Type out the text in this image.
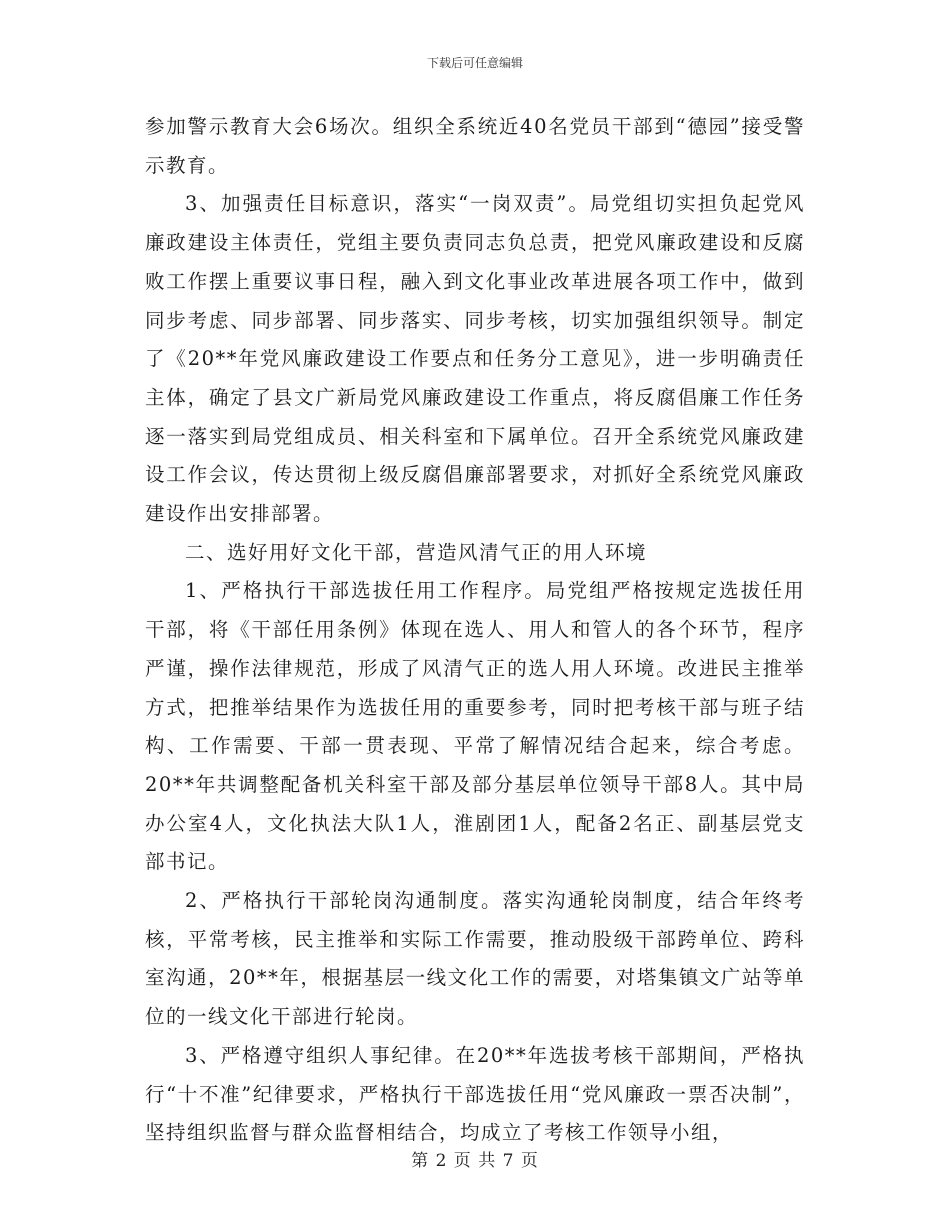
下载后可任意编辑

参加警示教育大会6场次。组织全系统近40名党员干部到“德园”接受警示教育。

3、加强责任目标意识，落实“一岗双责”。局党组切实担负起党风廉政建设主体责任，党组主要负责同志负总责，把党风廉政建设和反腐败工作摆上重要议事日程，融入到文化事业改革进展各项工作中，做到同步考虑、同步部署、同步落实、同步考核，切实加强组织领导。制定了《20**年党风廉政建设工作要点和任务分工意见》，进一步明确责任主体，确定了县文广新局党风廉政建设工作重点，将反腐倡廉工作任务逐一落实到局党组成员、相关科室和下属单位。召开全系统党风廉政建设工作会议，传达贯彻上级反腐倡廉部署要求，对抓好全系统党风廉政建设作出安排部署。

二、选好用好文化干部，营造风清气正的用人环境

1、严格执行干部选拔任用工作程序。局党组严格按规定选拔任用干部，将《干部任用条例》体现在选人、用人和管人的各个环节，程序严谨，操作法律规范，形成了风清气正的选人用人环境。改进民主推举方式，把推举结果作为选拔任用的重要参考，同时把考核干部与班子结构、工作需要、干部一贯表现、平常了解情况结合起来，综合考虑。20**年共调整配备机关科室干部及部分基层单位领导干部8人。其中局办公室4人，文化执法大队1人，淮剧团1人，配备2名正、副基层党支部书记。

2、严格执行干部轮岗沟通制度。落实沟通轮岗制度，结合年终考核，平常考核，民主推举和实际工作需要，推动股级干部跨单位、跨科室沟通，20**年，根据基层一线文化工作的需要，对塔集镇文广站等单位的一线文化干部进行轮岗。

3、严格遵守组织人事纪律。在20**年选拔考核干部期间，严格执行“十不准”纪律要求，严格执行干部选拔任用“党风廉政一票否决制”，坚持组织监督与群众监督相结合，均成立了考核工作领导小组，

第 2 页 共 7 页
